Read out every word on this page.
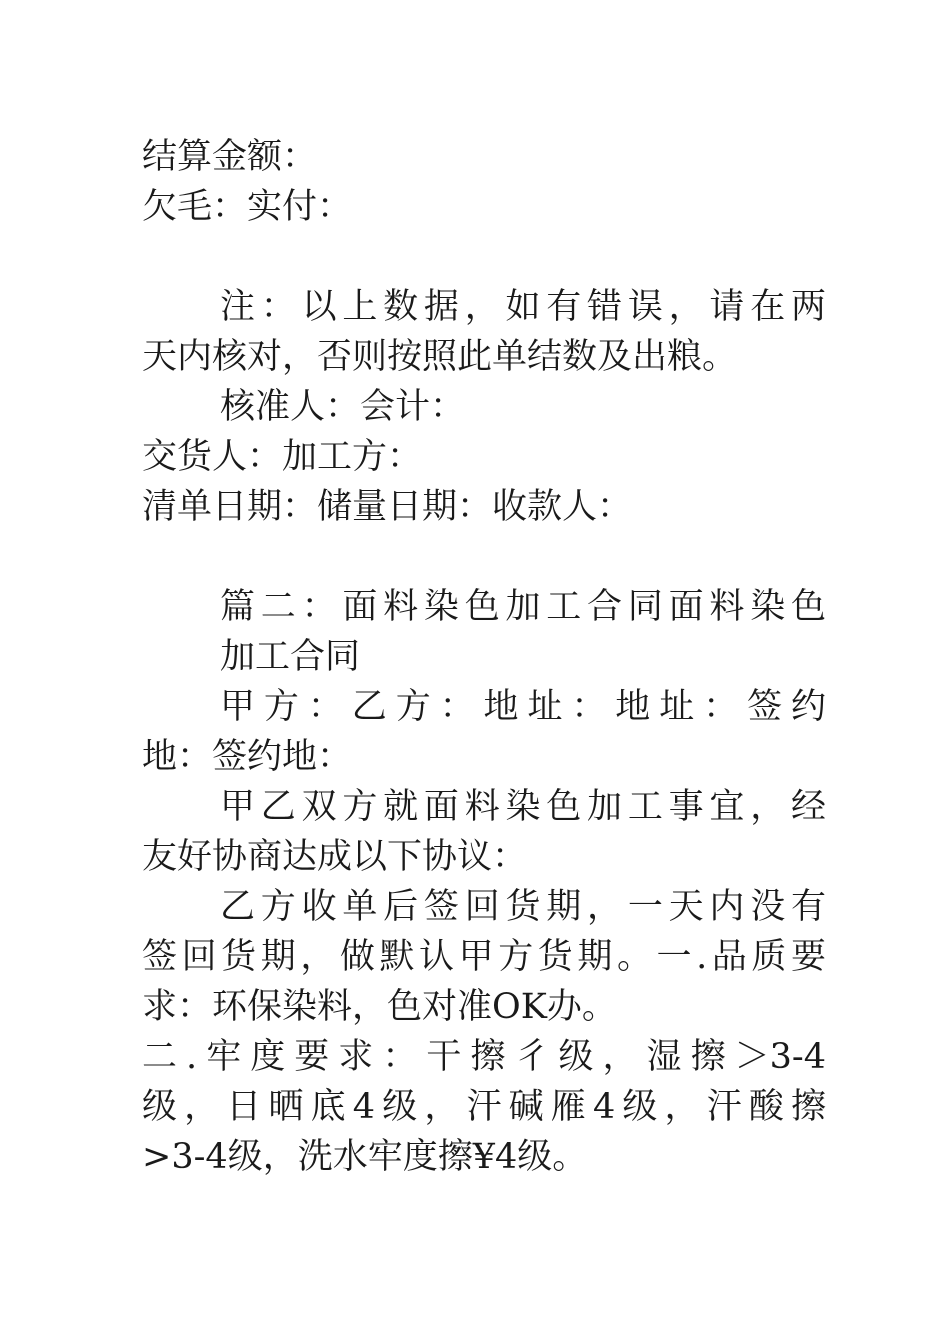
结算金额：
欠毛：实付：
注：以上数据，如有错误，请在两
天内核对，否则按照此单结数及出粮。
核准人：会计：
交货人：加工方：
清单日期：储量日期：收款人：
篇二：面料染色加工合同面料染色
加工合同
甲方：乙方：地址：地址：签约
地：签约地：
甲乙双方就面料染色加工事宜，经
友好协商达成以下协议：
乙方收单后签回货期，一天内没有
签回货期，做默认甲方货期。一.品质要
求：环保染料，色对准OK办。
二.牢度要求：干擦彳级，湿擦＞3-4
级，日晒底4级，汗碱雁4级，汗酸擦
>3-4级，洗水牢度擦¥4级。
